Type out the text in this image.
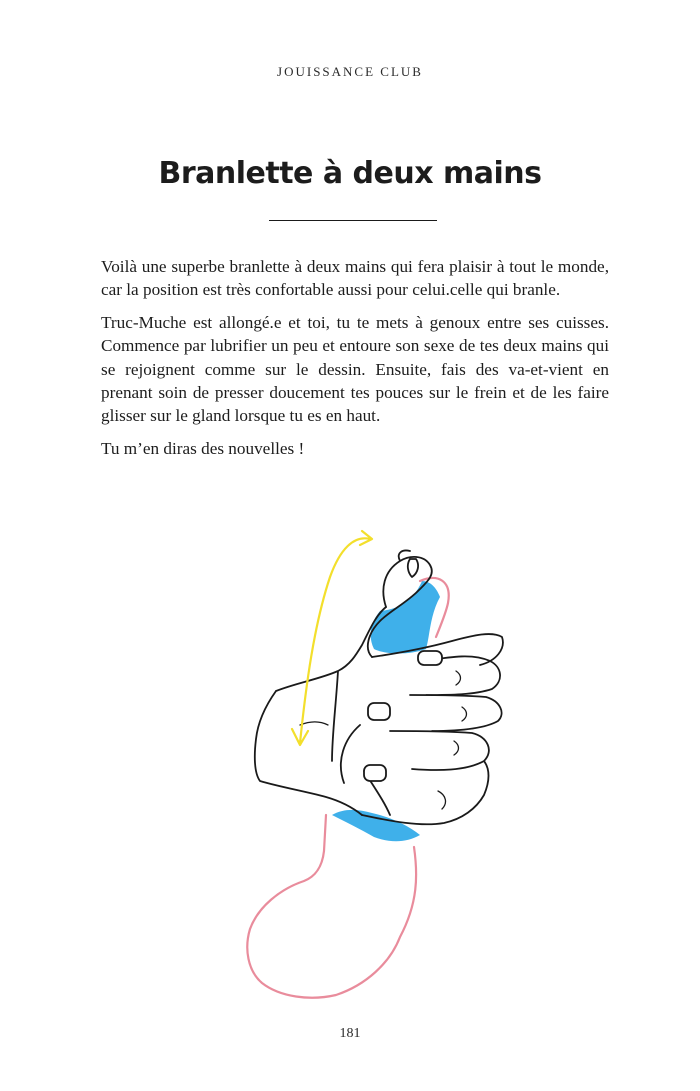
JOUISSANCE CLUB
Branlette à deux mains

Voilà une superbe branlette à deux mains qui fera plaisir à tout le monde, car la position est très confortable aussi pour celui.celle qui branle.

Truc-Muche est allongé.e et toi, tu te mets à genoux entre ses cuisses. Commence par lubrifier un peu et entoure son sexe de tes deux mains qui se rejoignent comme sur le dessin. Ensuite, fais des va-et-vient en prenant soin de presser doucement tes pouces sur le frein et de les faire glisser sur le gland lorsque tu es en haut.

Tu m’en diras des nouvelles !

181
